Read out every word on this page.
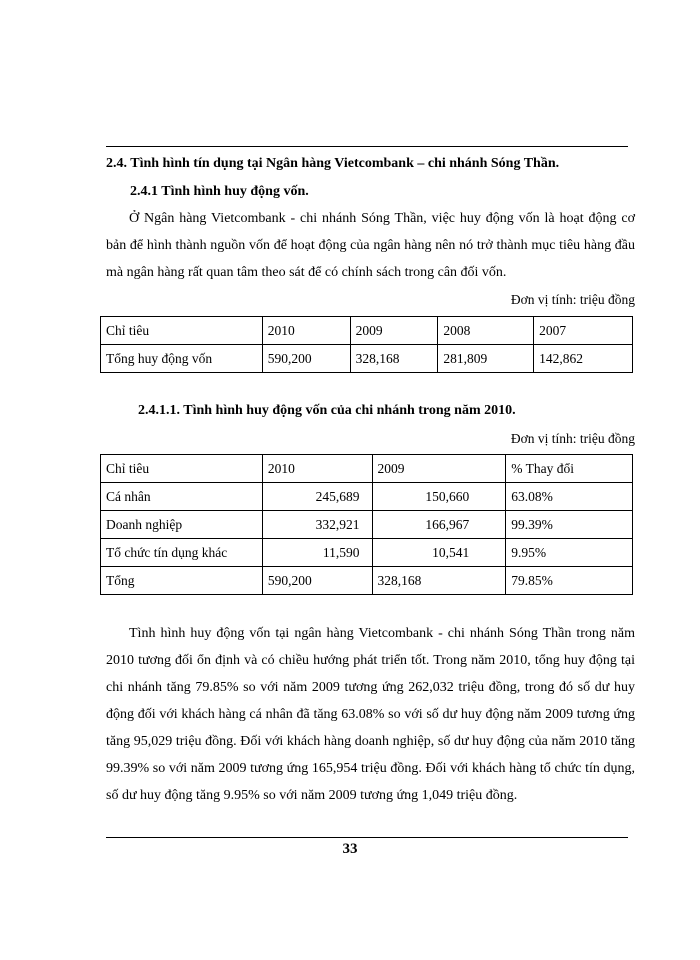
2.4. Tình hình tín dụng tại Ngân hàng Vietcombank – chi nhánh Sóng Thần.
2.4.1 Tình hình huy động vốn.
Ở Ngân hàng Vietcombank - chi nhánh Sóng Thần, việc huy động vốn là hoạt động cơ bản để hình thành nguồn vốn để hoạt động của ngân hàng nên nó trở thành mục tiêu hàng đầu mà ngân hàng rất quan tâm theo sát để có chính sách trong cân đối vốn.
Đơn vị tính: triệu đồng
Chỉ tiêu	2010	2009	2008	2007
Tổng huy động vốn	590,200	328,168	281,809	142,862
2.4.1.1. Tình hình huy động vốn của chi nhánh trong năm 2010.
Đơn vị tính: triệu đồng
Chỉ tiêu	2010	2009	% Thay đổi
Cá nhân	245,689	150,660	63.08%
Doanh nghiệp	332,921	166,967	99.39%
Tổ chức tín dụng khác	11,590	10,541	9.95%
Tổng	590,200	328,168	79.85%
Tình hình huy động vốn tại ngân hàng Vietcombank - chi nhánh Sóng Thần trong năm 2010 tương đối ổn định và có chiều hướng phát triển tốt. Trong năm 2010, tổng huy động tại chi nhánh tăng 79.85% so với năm 2009 tương ứng 262,032 triệu đồng, trong đó số dư huy động đối với khách hàng cá nhân đã tăng 63.08% so với số dư huy động năm 2009 tương ứng tăng 95,029 triệu đồng. Đối với khách hàng doanh nghiệp, số dư huy động của năm 2010 tăng 99.39% so với năm 2009 tương ứng 165,954 triệu đồng. Đối với khách hàng tổ chức tín dụng, số dư huy động tăng 9.95% so với năm 2009 tương ứng 1,049 triệu đồng.
33
